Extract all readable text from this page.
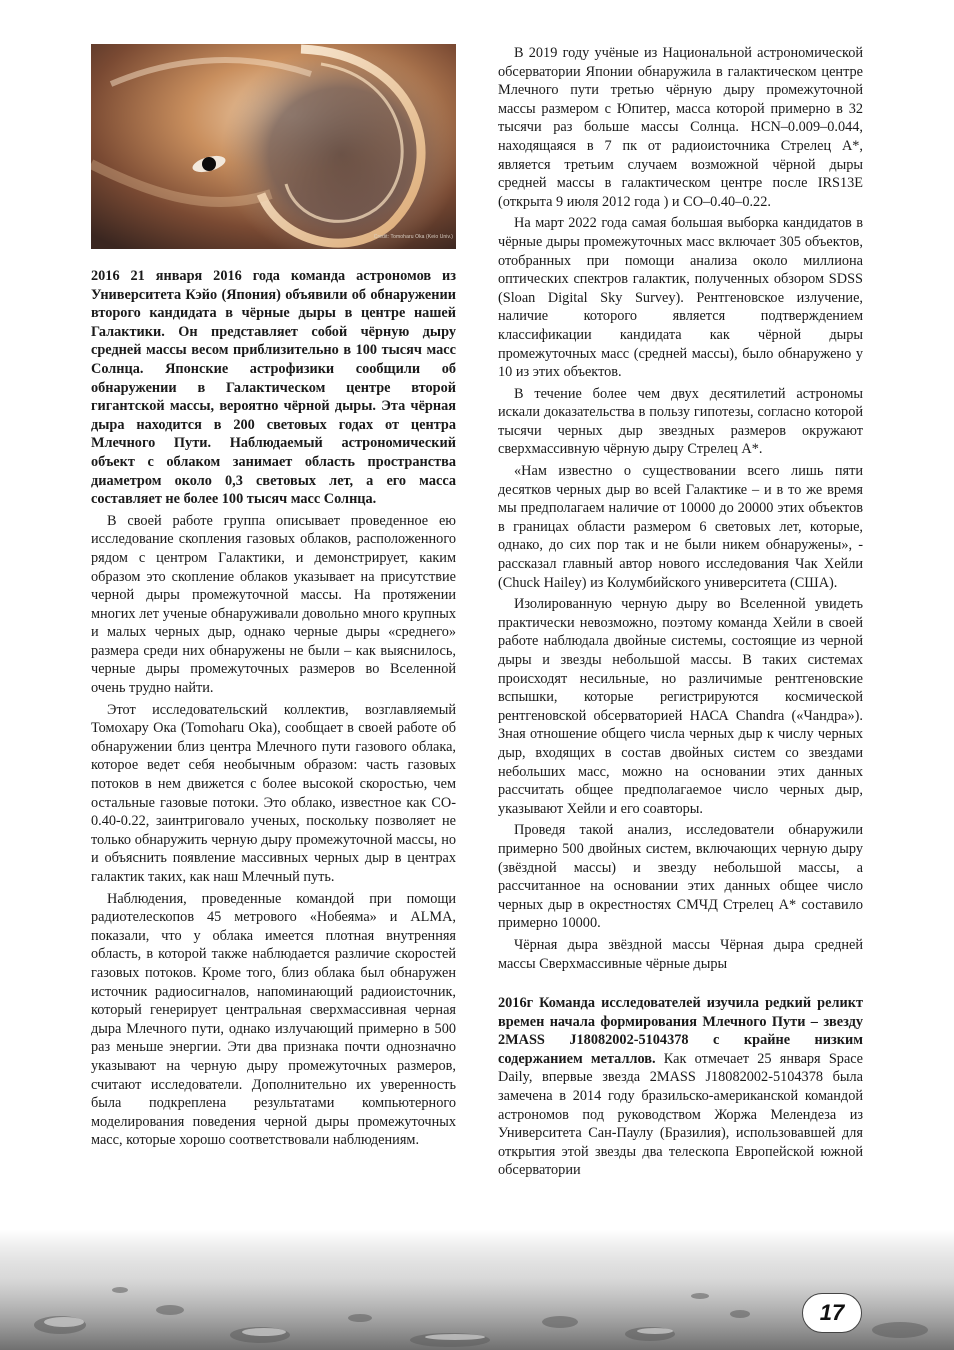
Credit: Tomoharu Oka (Keio Univ.)

2016 21 января 2016 года команда астрономов из Университета Кэйо (Япония) объявили об обнаружении второго кандидата в чёрные дыры в центре нашей Галактики. Он представляет собой чёрную дыру средней массы весом приблизительно в 100 тысяч масс Солнца. Японские астрофизики сообщили об обнаружении в Галактическом центре второй гигантской массы, вероятно чёрной дыры. Эта чёрная дыра находится в 200 световых годах от центра Млечного Пути. Наблюдаемый астрономический объект с облаком занимает область пространства диаметром около 0,3 световых лет, а его масса составляет не более 100 тысяч масс Солнца.

В своей работе группа описывает проведенное ею исследование скопления газовых облаков, расположенного рядом с центром Галактики, и демонстрирует, каким образом это скопление облаков указывает на присутствие черной дыры промежуточной массы. На протяжении многих лет ученые обнаруживали довольно много крупных и малых черных дыр, однако черные дыры «среднего» размера среди них обнаружены не были – как выяснилось, черные дыры промежуточных размеров во Вселенной очень трудно найти.

Этот исследовательский коллектив, возглавляемый Томохару Ока (Tomoharu Oka), сообщает в своей работе об обнаружении близ центра Млечного пути газового облака, которое ведет себя необычным образом: часть газовых потоков в нем движется с более высокой скоростью, чем остальные газовые потоки. Это облако, известное как CO-0.40-0.22, заинтриговало ученых, поскольку позволяет не только обнаружить черную дыру промежуточной массы, но и объяснить появление массивных черных дыр в центрах галактик таких, как наш Млечный путь.

Наблюдения, проведенные командой при помощи радиотелескопов 45 метрового «Нобеяма» и ALMA, показали, что у облака имеется плотная внутренняя область, в которой также наблюдается различие скоростей газовых потоков. Кроме того, близ облака был обнаружен источник радиосигналов, напоминающий радиоисточник, который генерирует центральная сверхмассивная черная дыра Млечного пути, однако излучающий примерно в 500 раз меньше энергии. Эти два признака почти однозначно указывают на черную дыру промежуточных размеров, считают исследователи. Дополнительно их уверенность была подкреплена результатами компьютерного моделирования поведения черной дыры промежуточных масс, которые хорошо соответствовали наблюдениям.

В 2019 году учёные из Национальной астрономической обсерватории Японии обнаружила в галактическом центре Млечного пути третью чёрную дыру промежуточной массы размером с Юпитер, масса которой примерно в 32 тысячи раз больше массы Солнца. HCN–0.009–0.044, находящаяся в 7 пк от радиоисточника Стрелец A*, является третьим случаем возможной чёрной дыры средней массы в галактическом центре после IRS13E (открыта 9 июля 2012 года ) и CO–0.40–0.22.

На март 2022 года самая большая выборка кандидатов в чёрные дыры промежуточных масс включает 305 объектов, отобранных при помощи анализа около миллиона оптических спектров галактик, полученных обзором SDSS (Sloan Digital Sky Survey). Рентгеновское излучение, наличие которого является подтверждением классификации кандидата как чёрной дыры промежуточных масс (средней массы), было обнаружено у 10 из этих объектов.

В течение более чем двух десятилетий астрономы искали доказательства в пользу гипотезы, согласно которой тысячи черных дыр звездных размеров окружают сверхмассивную чёрную дыру Стрелец A*.

«Нам известно о существовании всего лишь пяти десятков черных дыр во всей Галактике – и в то же время мы предполагаем наличие от 10000 до 20000 этих объектов в границах области размером 6 световых лет, которые, однако, до сих пор так и не были никем обнаружены», - рассказал главный автор нового исследования Чак Хейли (Chuck Hailey) из Колумбийского университета (США).

Изолированную черную дыру во Вселенной увидеть практически невозможно, поэтому команда Хейли в своей работе наблюдала двойные системы, состоящие из черной дыры и звезды небольшой массы. В таких системах происходят несильные, но различимые рентгеновские вспышки, которые регистрируются космической рентгеновской обсерваторией НАСА Chandra («Чандра»). Зная отношение общего числа черных дыр к числу черных дыр, входящих в состав двойных систем со звездами небольших масс, можно на основании этих данных рассчитать общее предполагаемое число черных дыр, указывают Хейли и его соавторы.

Проведя такой анализ, исследователи обнаружили примерно 500 двойных систем, включающих черную дыру (звёздной массы) и звезду небольшой массы, а рассчитанное на основании этих данных общее число черных дыр в окрестностях СМЧД Стрелец A* составило примерно 10000.

Чёрная дыра звёздной массы Чёрная дыра средней массы Сверхмассивные чёрные дыры

2016г Команда исследователей изучила редкий реликт времен начала формирования Млечного Пути – звезду 2MASS J18082002-5104378 с крайне низким содержанием металлов. Как отмечает 25 января Space Daily, впервые звезда 2MASS J18082002-5104378 была замечена в 2014 году бразильско-американской командой астрономов под руководством Жоржа Мелендеза из Университета Сан-Паулу (Бразилия), использовавшей для открытия этой звезды два телескопа Европейской южной обсерватории

17
